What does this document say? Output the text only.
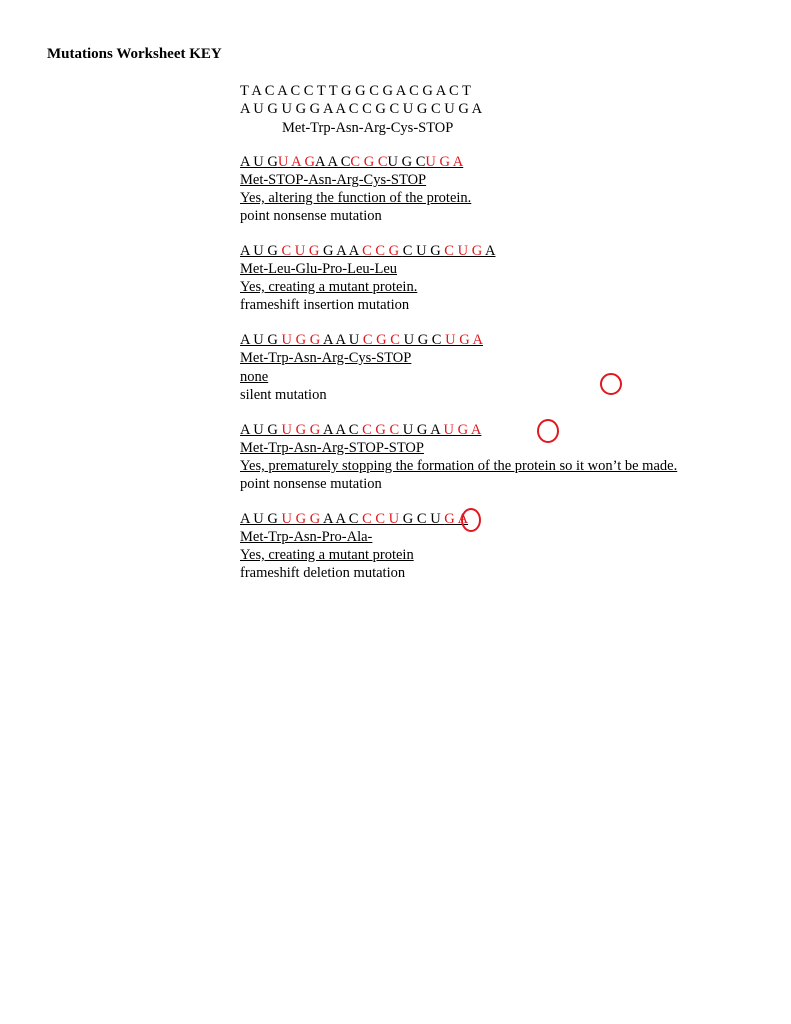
Mutations Worksheet KEY
T A C A C C T T G G C G A C G A C T
A U G U G G A A C C G C U G C U G A
Met-Trp-Asn-Arg-Cys-STOP
A U GU A GA A CC G CU G CU G A
Met-STOP-Asn-Arg-Cys-STOP
Yes, altering the function of the protein.
point nonsense mutation
A U G C U G G A A C C G C U G C U G A
Met-Leu-Glu-Pro-Leu-Leu
Yes, creating a mutant protein.
frameshift insertion mutation
A U G U G G A A U C G C U G C U G A
Met-Trp-Asn-Arg-Cys-STOP
none
silent mutation
A U G U G G A A C C G C U G A U G A
Met-Trp-Asn-Arg-STOP-STOP
Yes, prematurely stopping the formation of the protein so it won’t be made.
point nonsense mutation
A U G U G G A A C C C U G C U G A
Met-Trp-Asn-Pro-Ala-
Yes, creating a mutant protein
frameshift deletion mutation
